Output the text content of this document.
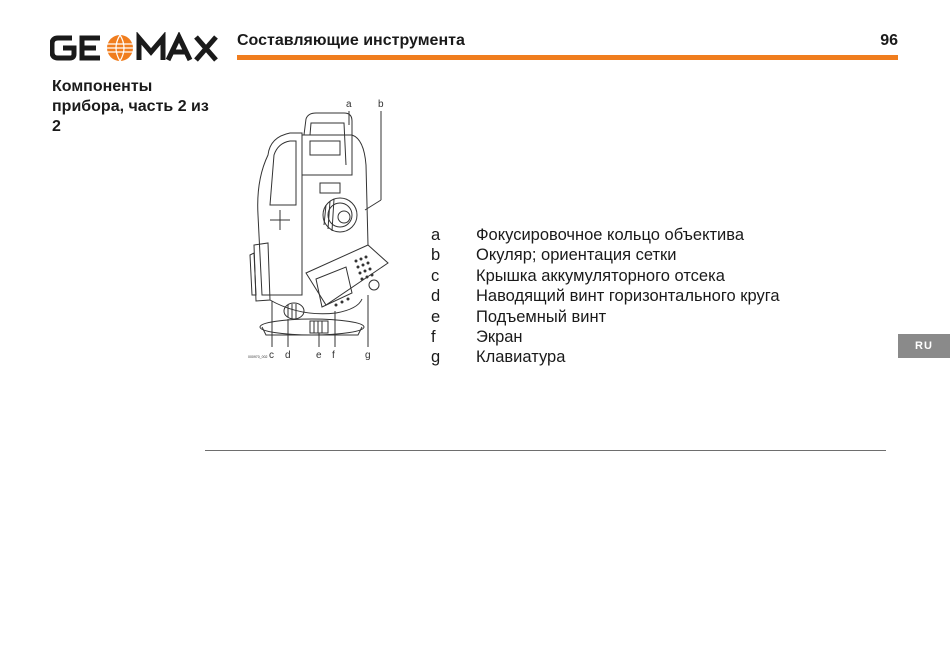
Составляющие инструмента	96
Компоненты прибора, часть 2 из 2
a	b
c d	e f	g
000970_002
a	Фокусировочное кольцо объектива
b	Окуляр; ориентация сетки
c	Крышка аккумуляторного отсека
d	Наводящий винт горизонтального круга
e	Подъемный винт
f	Экран
g	Клавиатура
RU
